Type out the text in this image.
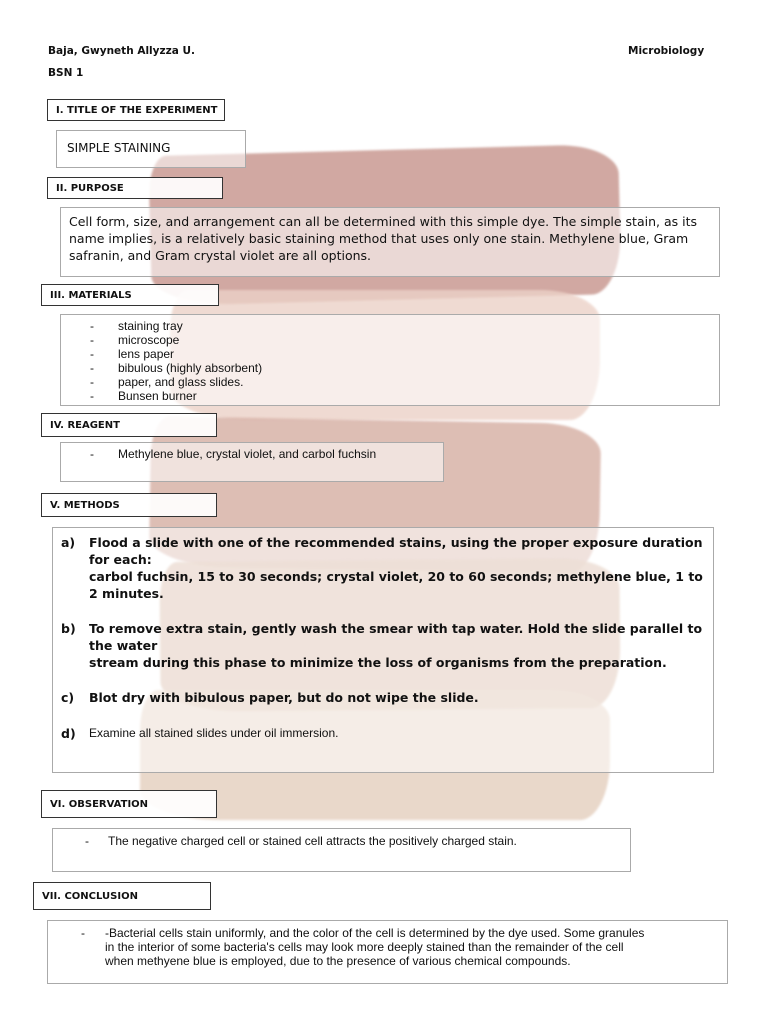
Baja, Gwyneth Allyzza U.	Microbiology
BSN 1
I. TITLE OF THE EXPERIMENT
SIMPLE STAINING
II. PURPOSE
Cell form, size, and arrangement can all be determined with this simple dye. The simple stain, as its
name implies, is a relatively basic staining method that uses only one stain. Methylene blue, Gram
safranin, and Gram crystal violet are all options.
III. MATERIALS
-	staining tray
-	microscope
-	lens paper
-	bibulous (highly absorbent)
-	paper, and glass slides.
-	Bunsen burner
IV. REAGENT
-	Methylene blue, crystal violet, and carbol fuchsin
V. METHODS
a)	Flood a slide with one of the recommended stains, using the proper exposure duration for each:
carbol fuchsin, 15 to 30 seconds; crystal violet, 20 to 60 seconds; methylene blue, 1 to 2 minutes.
b)	To remove extra stain, gently wash the smear with tap water. Hold the slide parallel to the water
stream during this phase to minimize the loss of organisms from the preparation.
c)	Blot dry with bibulous paper, but do not wipe the slide.
d)	Examine all stained slides under oil immersion.
VI. OBSERVATION
-	The negative charged cell or stained cell attracts the positively charged stain.
VII. CONCLUSION
-	-Bacterial cells stain uniformly, and the color of the cell is determined by the dye used. Some granules
in the interior of some bacteria's cells may look more deeply stained than the remainder of the cell
when methyene blue is employed, due to the presence of various chemical compounds.
